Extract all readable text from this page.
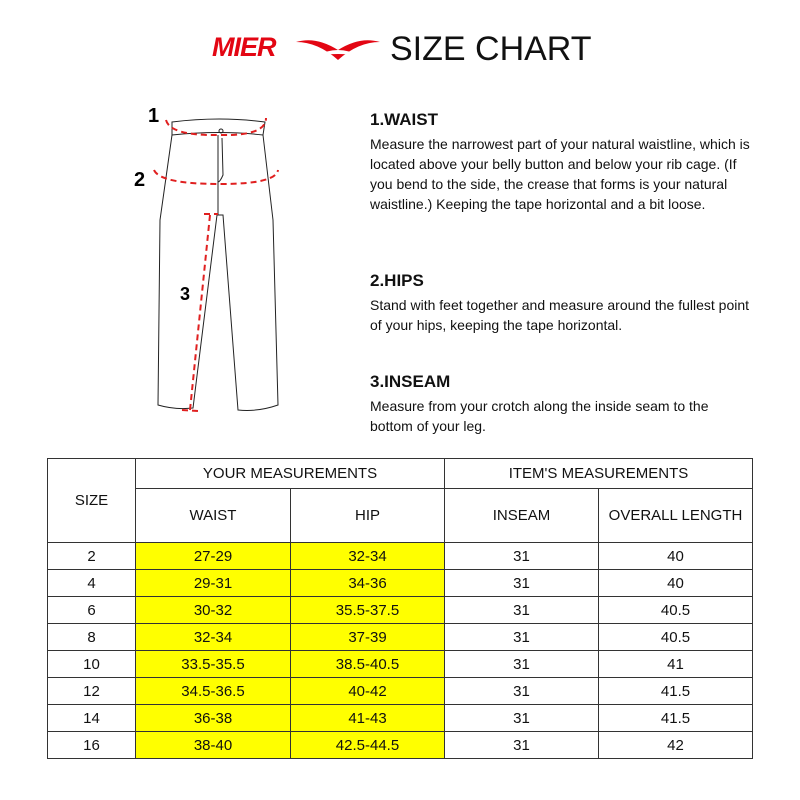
MIER	SIZE CHART
1
2
3
1.WAIST

Measure the narrowest part of your natural waistline, which is located above your belly button and below your rib cage. (If you bend to the side, the crease that forms is your natural waistline.) Keeping the tape horizontal and a bit loose.

2.HIPS

Stand with feet together and measure around the fullest point of your hips, keeping the tape horizontal.

3.INSEAM

Measure from your crotch along the inside seam to the bottom of your leg.

SIZE	YOUR MEASUREMENTS		ITEM'S MEASUREMENTS	
	WAIST	HIP	INSEAM	OVERALL LENGTH
2	27-29	32-34	31	40
4	29-31	34-36	31	40
6	30-32	35.5-37.5	31	40.5
8	32-34	37-39	31	40.5
10	33.5-35.5	38.5-40.5	31	41
12	34.5-36.5	40-42	31	41.5
14	36-38	41-43	31	41.5
16	38-40	42.5-44.5	31	42
